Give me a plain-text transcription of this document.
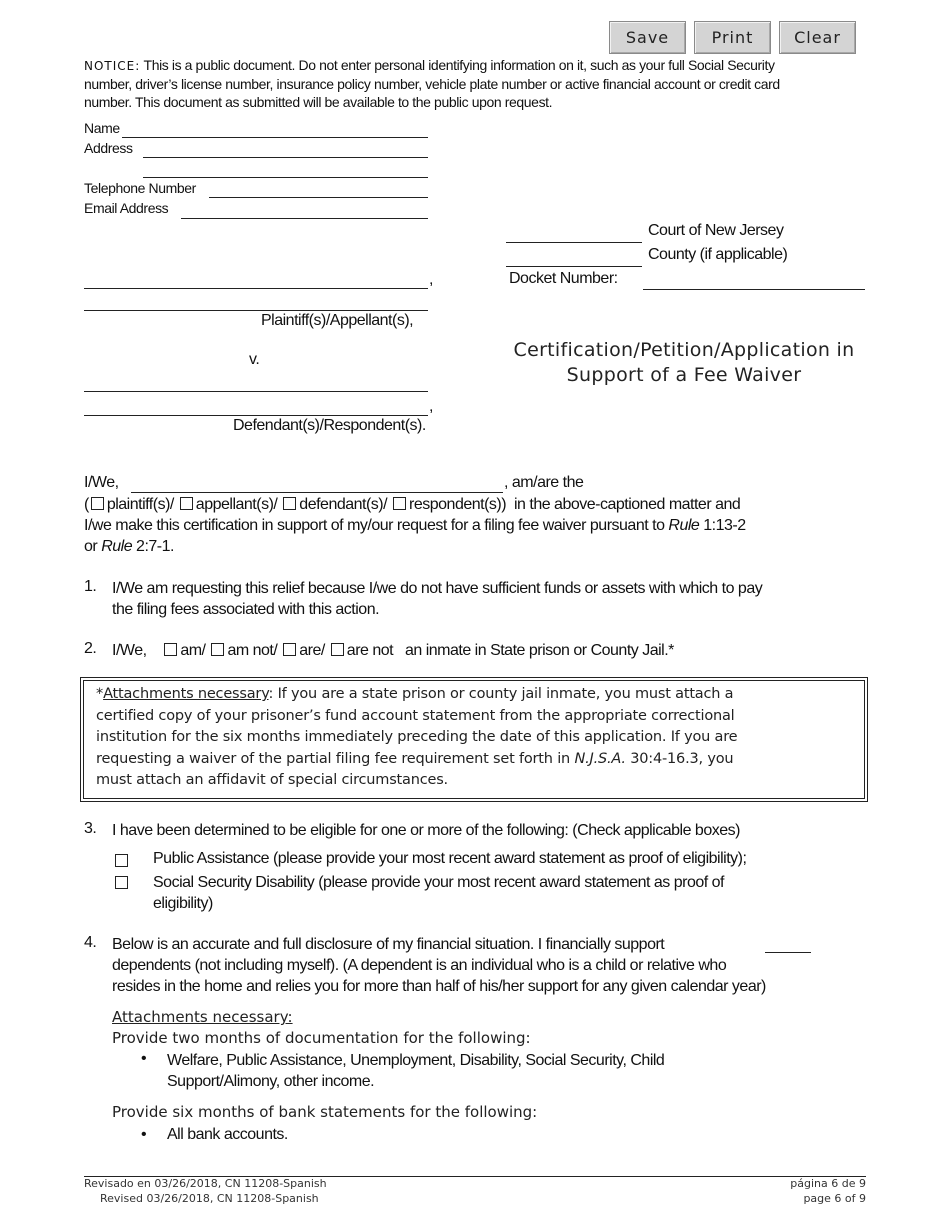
Save	Print	Clear
NOTICE: This is a public document. Do not enter personal identifying information on it, such as your full Social Security
number, driver’s license number, insurance policy number, vehicle plate number or active financial account or credit card
number. This document as submitted will be available to the public upon request.
Name
Address
Telephone Number
Email Address
Court of New Jersey
County (if applicable)
Docket Number:
,
Plaintiff(s)/Appellant(s),
v.
,
Defendant(s)/Respondent(s).
Certification/Petition/Application in
Support of a Fee Waiver
I/We,	, am/are the
( plaintiff(s)/ appellant(s)/ defendant(s)/ respondent(s)) in the above-captioned matter and
I/we make this certification in support of my/our request for a filing fee waiver pursuant to Rule 1:13-2
or Rule 2:7-1.
1. I/We am requesting this relief because I/we do not have sufficient funds or assets with which to pay
the filing fees associated with this action.
2. I/We, am/ am not/ are/ are not an inmate in State prison or County Jail.*
*Attachments necessary: If you are a state prison or county jail inmate, you must attach a
certified copy of your prisoner’s fund account statement from the appropriate correctional
institution for the six months immediately preceding the date of this application. If you are
requesting a waiver of the partial filing fee requirement set forth in N.J.S.A. 30:4-16.3, you
must attach an affidavit of special circumstances.
3. I have been determined to be eligible for one or more of the following: (Check applicable boxes)
Public Assistance (please provide your most recent award statement as proof of eligibility);
Social Security Disability (please provide your most recent award statement as proof of
eligibility)
4. Below is an accurate and full disclosure of my financial situation. I financially support
dependents (not including myself). (A dependent is an individual who is a child or relative who
resides in the home and relies you for more than half of his/her support for any given calendar year)
Attachments necessary:
Provide two months of documentation for the following:
• Welfare, Public Assistance, Unemployment, Disability, Social Security, Child
Support/Alimony, other income.
Provide six months of bank statements for the following:
• All bank accounts.
Revisado en 03/26/2018, CN 11208-Spanish
Revised 03/26/2018, CN 11208-Spanish
página 6 de 9
page 6 of 9
